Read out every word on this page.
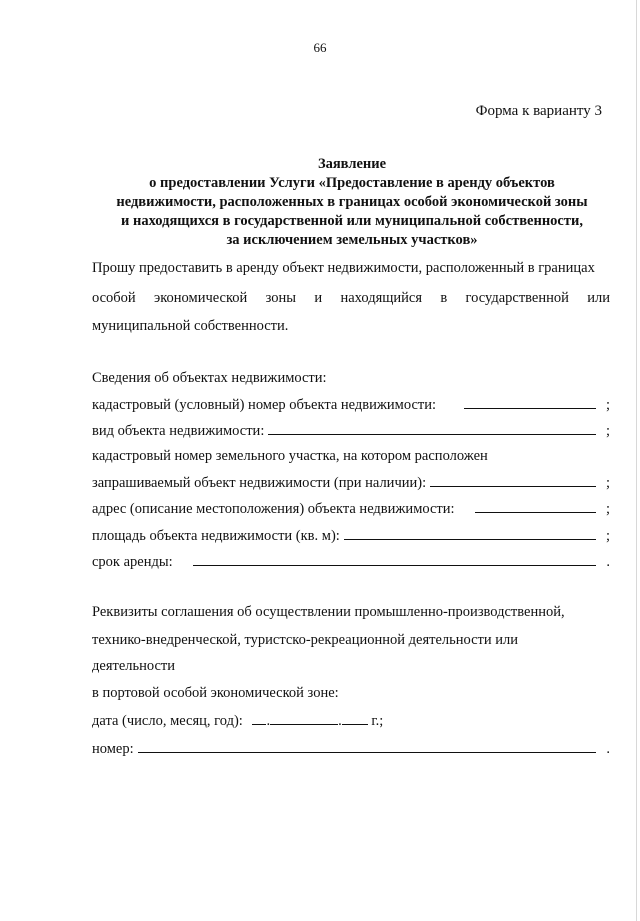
66
Форма к варианту 3
Заявление
о предоставлении Услуги «Предоставление в аренду объектов
недвижимости, расположенных в границах особой экономической зоны
и находящихся в государственной или муниципальной собственности,
за исключением земельных участков»
Прошу предоставить в аренду объект недвижимости, расположенный в границах
особой экономической зоны и находящийся в государственной или
муниципальной собственности.
Сведения об объектах недвижимости:
кадастровый (условный) номер объекта недвижимости:	;
вид объекта недвижимости:	;
кадастровый номер земельного участка, на котором расположен
запрашиваемый объект недвижимости (при наличии):	;
адрес (описание местоположения) объекта недвижимости:	;
площадь объекта недвижимости (кв. м):	;
срок аренды:	.
Реквизиты соглашения об осуществлении промышленно-производственной,
технико-внедренческой, туристско-рекреационной деятельности или
деятельности
в портовой особой экономической зоне:
дата (число, месяц, год): .	. г.;
номер:	.
